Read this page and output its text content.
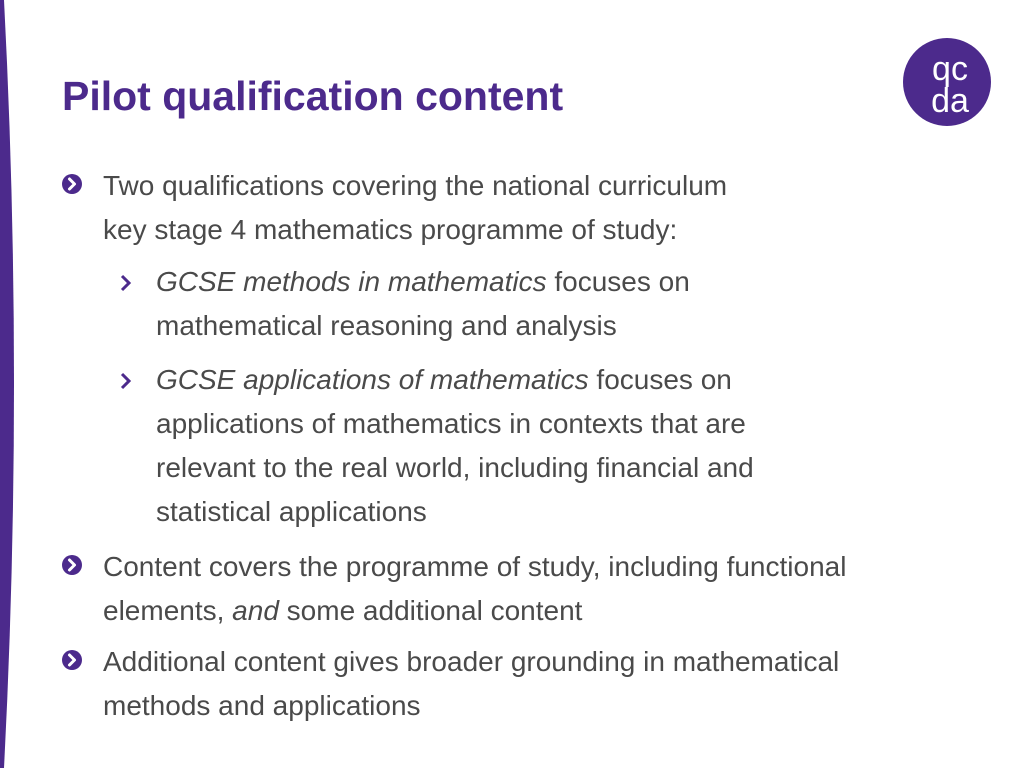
Pilot qualification content
qc
da
Two qualifications covering the national curriculum
key stage 4 mathematics programme of study:
GCSE methods in mathematics focuses on
mathematical reasoning and analysis
GCSE applications of mathematics focuses on
applications of mathematics in contexts that are
relevant to the real world, including financial and
statistical applications
Content covers the programme of study, including functional
elements, and some additional content
Additional content gives broader grounding in mathematical
methods and applications
